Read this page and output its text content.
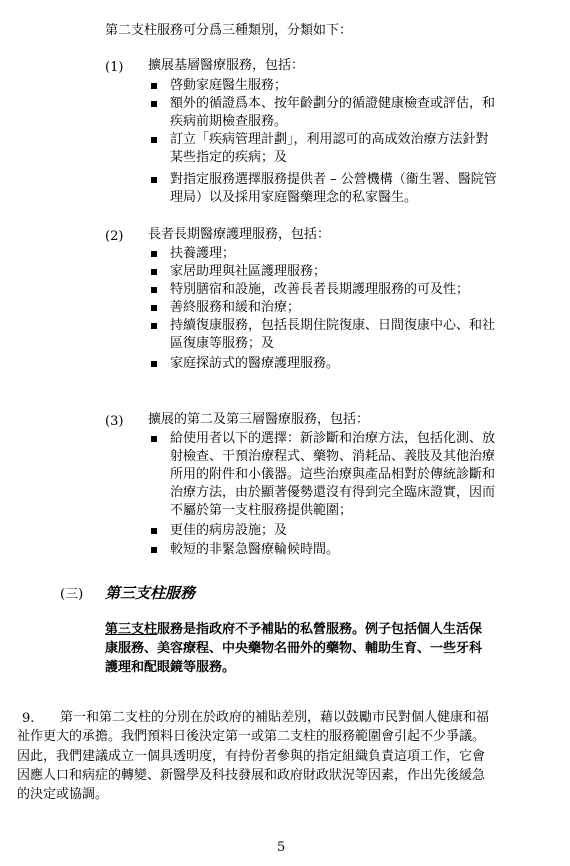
第二支柱服務可分爲三種類別，分類如下：
(1) 擴展基層醫療服務，包括：
啓動家庭醫生服務；
額外的循證爲本、按年齡劃分的循證健康檢查或評估，和
疾病前期檢查服務。
訂立「疾病管理計劃」，利用認可的高成效治療方法針對
某些指定的疾病；及
對指定服務選擇服務提供者 – 公營機構（衞生署、醫院管
理局）以及採用家庭醫藥理念的私家醫生。
(2) 長者長期醫療護理服務，包括：
扶養護理；
家居助理與社區護理服務；
特別膳宿和設施，改善長者長期護理服務的可及性；
善終服務和緩和治療；
持續復康服務，包括長期住院復康、日間復康中心、和社
區復康等服務；及
家庭探訪式的醫療護理服務。
(3) 擴展的第二及第三層醫療服務，包括：
給使用者以下的選擇：新診斷和治療方法，包括化測、放
射檢查、干預治療程式、藥物、消耗品、義肢及其他治療
所用的附件和小儀器。這些治療與產品相對於傳統診斷和
治療方法，由於顯著優勢還沒有得到完全臨床證實，因而
不屬於第一支柱服務提供範圍；
更佳的病房設施；及
較短的非緊急醫療輪候時間。
(三) 第三支柱服務
第三支柱服務是指政府不予補貼的私營服務。例子包括個人生活保
康服務、美容療程、中央藥物名冊外的藥物、輔助生育、一些牙科
護理和配眼鏡等服務。
9. 第一和第二支柱的分別在於政府的補貼差別，藉以鼓勵市民對個人健康和福
祉作更大的承擔。我們預料日後決定第一或第二支柱的服務範圍會引起不少爭議。
因此，我們建議成立一個具透明度，有持份者參與的指定組織負責這項工作，它會
因應人口和病症的轉變、新醫學及科技發展和政府財政狀況等因素，作出先後緩急
的決定或協調。
5
